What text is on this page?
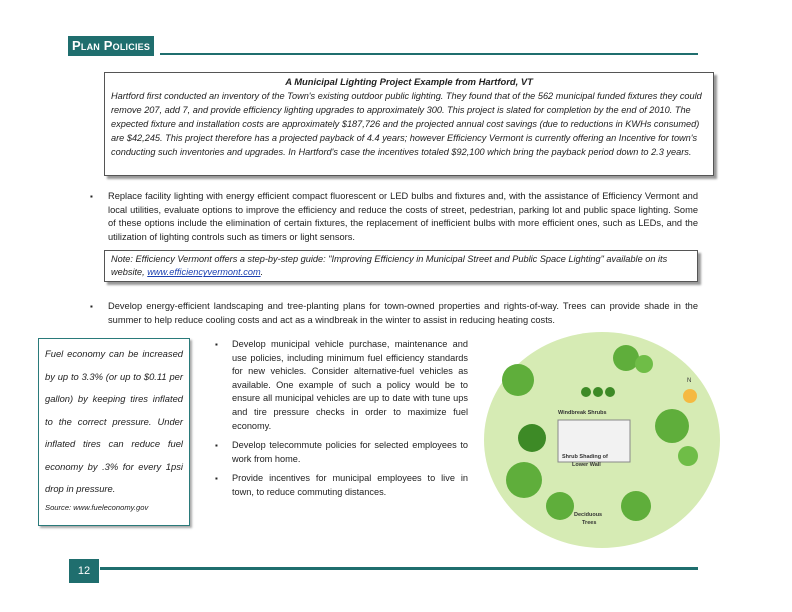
Plan Policies
A Municipal Lighting Project Example from Hartford, VT
Hartford first conducted an inventory of the Town's existing outdoor public lighting. They found that of the 562 municipal funded fixtures they could remove 207, add 7, and provide efficiency lighting upgrades to approximately 300. This project is slated for completion by the end of 2010. The expected fixture and installation costs are approximately $187,726 and the projected annual cost savings (due to reductions in KWHs consumed) are $42,245. This project therefore has a projected payback of 4.4 years; however Efficiency Vermont is currently offering an Incentive for town's conducting such inventories and upgrades. In Hartford's case the incentives totaled $92,100 which bring the payback period down to 2.3 years.
▪ Replace facility lighting with energy efficient compact fluorescent or LED bulbs and fixtures and, with the assistance of Efficiency Vermont and local utilities, evaluate options to improve the efficiency and reduce the costs of street, pedestrian, parking lot and public space lighting. Some of these options include the elimination of certain fixtures, the replacement of inefficient bulbs with more efficient ones, such as LEDs, and the utilization of lighting controls such as timers or light sensors.
Note: Efficiency Vermont offers a step-by-step guide: "Improving Efficiency in Municipal Street and Public Space Lighting" available on its website, www.efficiencyvermont.com.
▪ Develop energy-efficient landscaping and tree-planting plans for town-owned properties and rights-of-way. Trees can provide shade in the summer to help reduce cooling costs and act as a windbreak in the winter to assist in reducing heating costs.
Fuel economy can be increased by up to 3.3% (or up to $0.11 per gallon) by keeping tires inflated to the correct pressure. Under inflated tires can reduce fuel economy by .3% for every 1psi drop in pressure.
Source: www.fueleconomy.gov
▪ Develop municipal vehicle purchase, maintenance and use policies, including minimum fuel efficiency standards for new vehicles. Consider alternative-fuel vehicles as available. One example of such a policy would be to ensure all municipal vehicles are up to date with tune ups and tire pressure checks in order to maximize fuel economy.
▪ Develop telecommute policies for selected employees to work from home.
▪ Provide incentives for municipal employees to live in town, to reduce commuting distances.
N
Windbreak Shrubs
Shrub Shading of
Lower Wall
Deciduous
Trees
12
